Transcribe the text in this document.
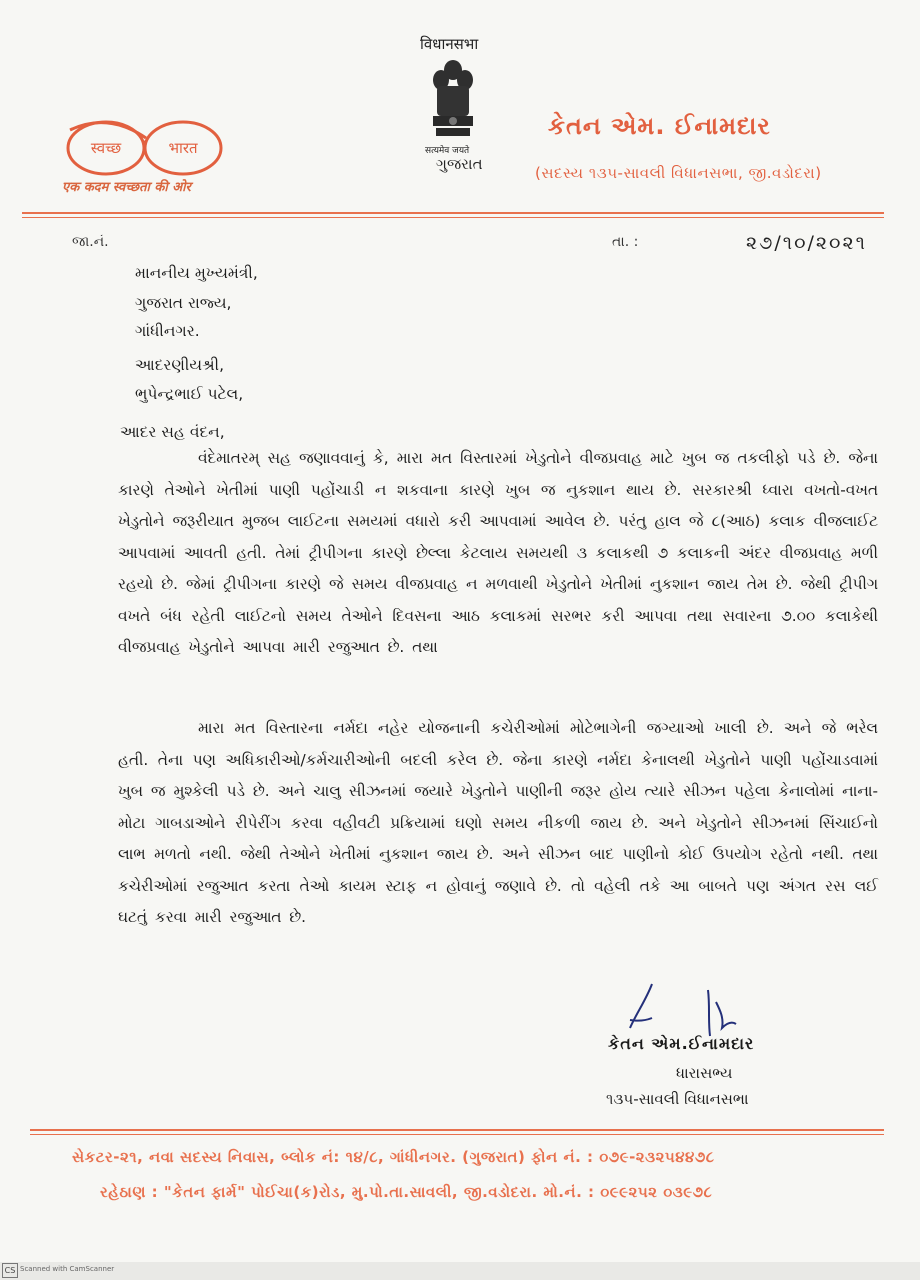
स्वच्छ	भारत
एक कदम स्वच्छता की ओर
विधानसभा
सत्यमेव जयते
ગુજરાત
કેતન એમ. ઈનામદાર
(સદસ્ય ૧૩૫-સાવલી વિધાનસભા, જી.વડોદરા)
જા.નં.	તા. :	૨૭/૧૦/૨૦૨૧
માનનીય મુખ્યમંત્રી,
ગુજરાત રાજ્ય,
ગાંધીનગર.
આદરણીયશ્રી,
ભુપેન્દ્રભાઈ પટેલ,
આદર સહ વંદન,

વંદેમાતરમ્ સહ જણાવવાનું કે, મારા મત વિસ્તારમાં ખેડુતોને વીજપ્રવાહ માટે ખુબ જ તકલીફો પડે છે. જેના કારણે તેઓને ખેતીમાં પાણી પહોંચાડી ન શકવાના કારણે ખુબ જ નુકશાન થાય છે. સરકારશ્રી ધ્વારા વખતો-વખત ખેડુતોને જરૂરીયાત મુજબ લાઈટના સમયમાં વધારો કરી આપવામાં આવેલ છે. પરંતુ હાલ જે ૮(આઠ) કલાક વીજલાઈટ આપવામાં આવતી હતી. તેમાં ટ્રીપીગના કારણે છેલ્લા કેટલાય સમયથી ૩ કલાકથી ૭ કલાકની અંદર વીજપ્રવાહ મળી રહયો છે. જેમાં ટ્રીપીગના કારણે જે સમય વીજપ્રવાહ ન મળવાથી ખેડુતોને ખેતીમાં નુકશાન જાય તેમ છે. જેથી ટ્રીપીગ વખતે બંધ રહેતી લાઈટનો સમય તેઓને દિવસના આઠ કલાકમાં સરભર કરી આપવા તથા સવારના ૭.૦૦ કલાકેથી વીજપ્રવાહ ખેડુતોને આપવા મારી રજુઆત છે. તથા

મારા મત વિસ્તારના નર્મદા નહેર યોજનાની કચેરીઓમાં મોટેભાગેની જગ્યાઓ ખાલી છે. અને જે ભરેલ હતી. તેના પણ અધિકારીઓ/કર્મચારીઓની બદલી કરેલ છે. જેના કારણે નર્મદા કેનાલથી ખેડુતોને પાણી પહોંચાડવામાં ખુબ જ મુશ્કેલી પડે છે. અને ચાલુ સીઝનમાં જયારે ખેડુતોને પાણીની જરૂર હોય ત્યારે સીઝન પહેલા કેનાલોમાં નાના-મોટા ગાબડાઓને રીપેરીંગ કરવા વહીવટી પ્રક્રિયામાં ઘણો સમય નીકળી જાય છે. અને ખેડુતોને સીઝનમાં સિંચાઈનો લાભ મળતો નથી. જેથી તેઓને ખેતીમાં નુકશાન જાય છે. અને સીઝન બાદ પાણીનો કોઈ ઉપયોગ રહેતો નથી. તથા કચેરીઓમાં રજુઆત કરતા તેઓ કાયમ સ્ટાફ ન હોવાનું જણાવે છે. તો વહેલી તકે આ બાબતે પણ અંગત રસ લઈ ઘટતું કરવા મારી રજુઆત છે.

કેતન એમ.ઈનામદાર
ધારાસભ્ય
૧૩૫-સાવલી વિધાનસભા
સેકટર-૨૧, નવા સદસ્ય નિવાસ, બ્લોક નં: ૧૪/૮, ગાંધીનગર. (ગુજરાત) ફોન નં. : ૦૭૯-૨૩૨૫૪૪૭૮
રહેઠાણ : "કેતન ફાર્મ" પોઈચા(ક)રોડ, મુ.પો.તા.સાવલી, જી.વડોદરા. મો.નં. : ૦૯૯૨૫૨ ૦૩૯૭૮
CS Scanned with CamScanner
